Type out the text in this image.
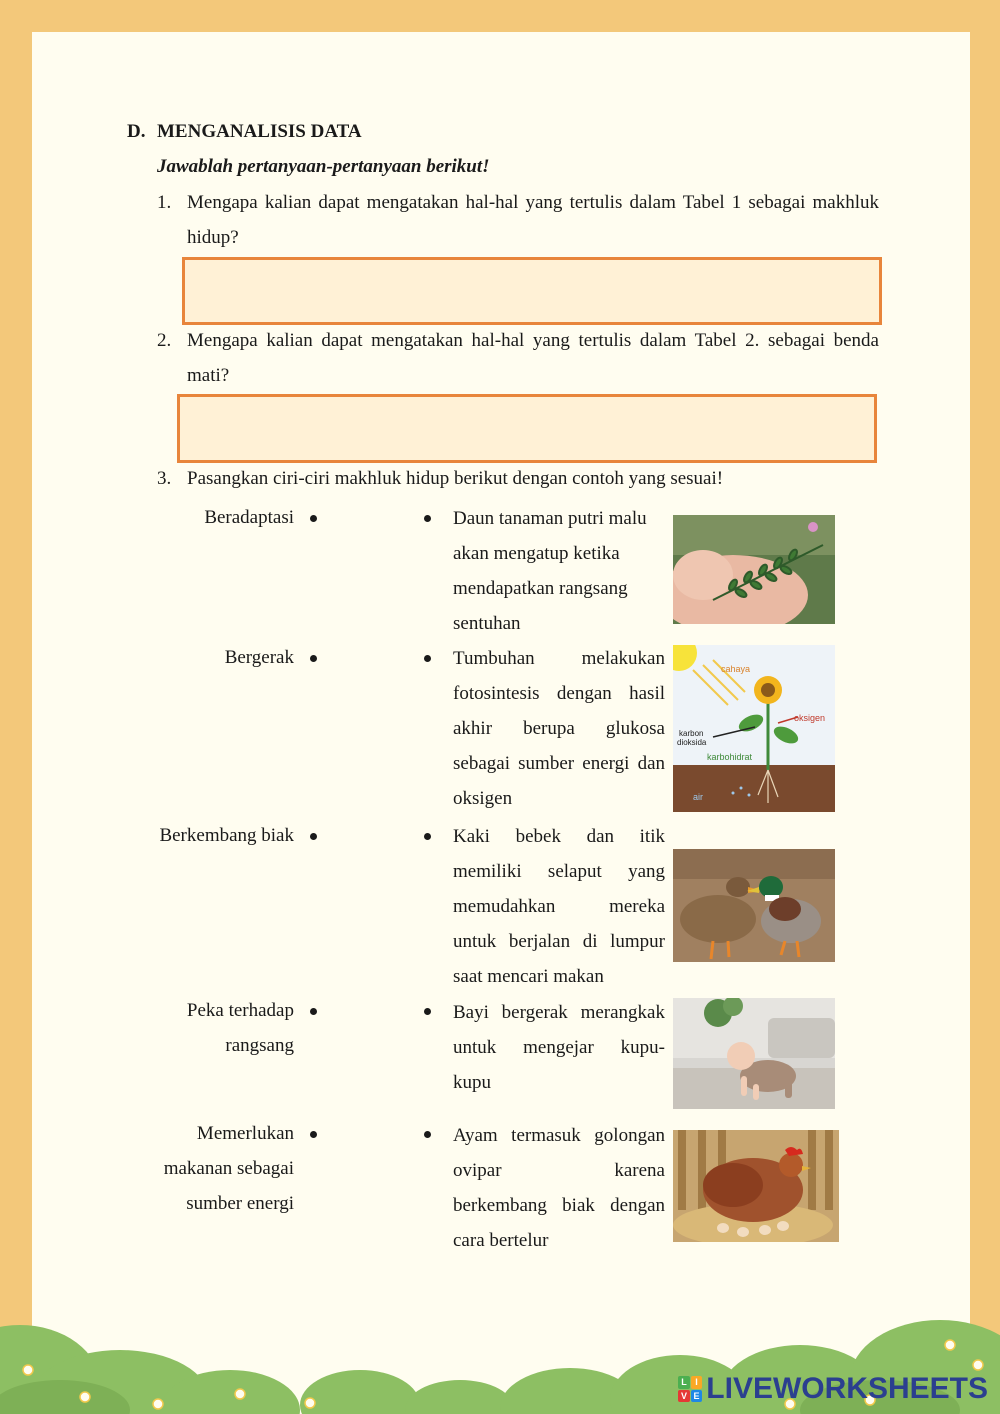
D. MENGANALISIS DATA
Jawablah pertanyaan-pertanyaan berikut!
1. Mengapa kalian dapat mengatakan hal-hal yang tertulis dalam Tabel 1 sebagai makhluk hidup?
2. Mengapa kalian dapat mengatakan hal-hal yang tertulis dalam Tabel 2. sebagai benda mati?
3. Pasangkan ciri-ciri makhluk hidup berikut dengan contoh yang sesuai!
Beradaptasi
Bergerak
Berkembang biak
Peka terhadap
rangsang
Memerlukan
makanan sebagai
sumber energi
Daun tanaman putri malu
akan mengatup ketika
mendapatkan rangsang
sentuhan
Tumbuhan melakukan
fotosintesis dengan hasil
akhir berupa glukosa
sebagai sumber energi dan
oksigen
Kaki bebek dan itik
memiliki selaput yang
memudahkan mereka
untuk berjalan di lumpur
saat mencari makan
Bayi bergerak merangkak
untuk mengejar kupu-
kupu
Ayam termasuk golongan
ovipar karena
berkembang biak dengan
cara bertelur
cahaya
oksigen
karbon
dioksida
karbohidrat
air
L I
V E LIVEWORKSHEETS
